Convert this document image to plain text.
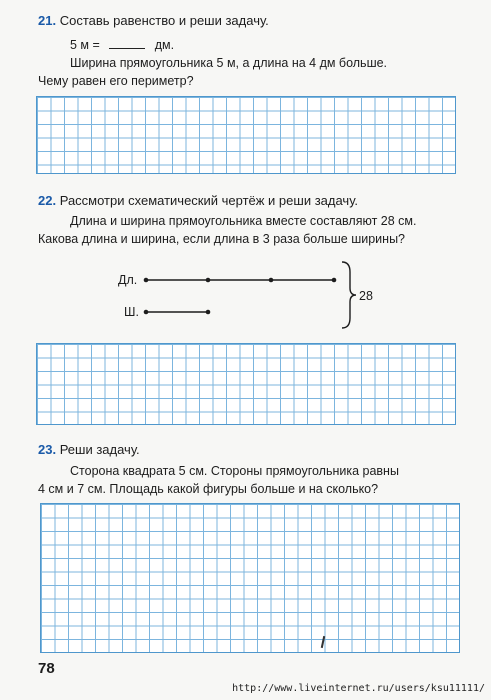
21. Составь равенство и реши задачу.
5 м =	дм.
Ширина прямоугольника 5 м, а длина на 4 дм больше.
Чему равен его периметр?
22. Рассмотри схематический чертёж и реши задачу.
Длина и ширина прямоугольника вместе составляют 28 см.
Какова длина и ширина, если длина в 3 раза больше ширины?
Дл.
Ш.
28
23. Реши задачу.
Сторона квадрата 5 см. Стороны прямоугольника равны
4 см и 7 см. Площадь какой фигуры больше и на сколько?
78
http://www.liveinternet.ru/users/ksu11111/
